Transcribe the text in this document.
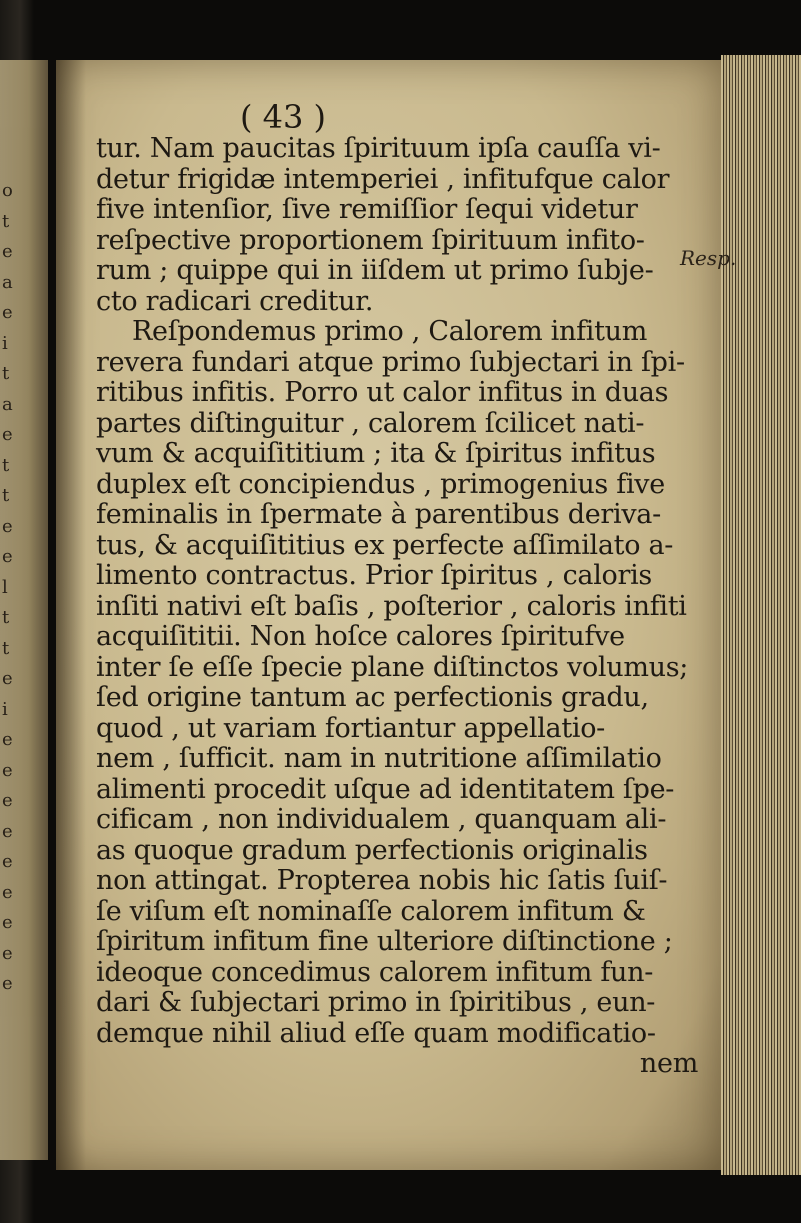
o
t
e
a
e
i
t
a
e
t
t
e
e
l
t
t
e
i
e
e
e
e
e
e
e
e
e
( 43 )
Resp.
tur. Nam paucitas ſpirituum ipſa cauſſa vi-
detur frigidæ intemperiei , infitufque calor
five intenſior, ſive remiſſior ſequi videtur
reſpective proportionem ſpirituum infito-
rum ; quippe qui in iiſdem ut primo ſubje-
cto radicari creditur.
Reſpondemus primo , Calorem infitum
revera fundari atque primo ſubjectari in ſpi-
ritibus infitis. Porro ut calor infitus in duas
partes diſtinguitur , calorem ſcilicet nati-
vum & acquiſititium ; ita & ſpiritus infitus
duplex eſt concipiendus , primogenius five
feminalis in ſpermate à parentibus deriva-
tus, & acquiſititius ex perfecte aſſimilato a-
limento contractus. Prior ſpiritus , caloris
inſiti nativi eſt baſis , poſterior , caloris infiti
acquiſititii. Non hoſce calores ſpiritufve
inter ſe eſſe ſpecie plane diſtinctos volumus;
ſed origine tantum ac perfectionis gradu,
quod , ut variam fortiantur appellatio-
nem , ſufficit. nam in nutritione aſſimilatio
alimenti procedit uſque ad identitatem ſpe-
cificam , non individualem , quanquam ali-
as quoque gradum perfectionis originalis
non attingat. Propterea nobis hic ſatis ſuiſ-
ſe viſum eſt nominaſſe calorem infitum &
ſpiritum infitum fine ulteriore diſtinctione ;
ideoque concedimus calorem infitum fun-
dari & ſubjectari primo in ſpiritibus , eun-
demque nihil aliud eſſe quam modificatio-
nem
